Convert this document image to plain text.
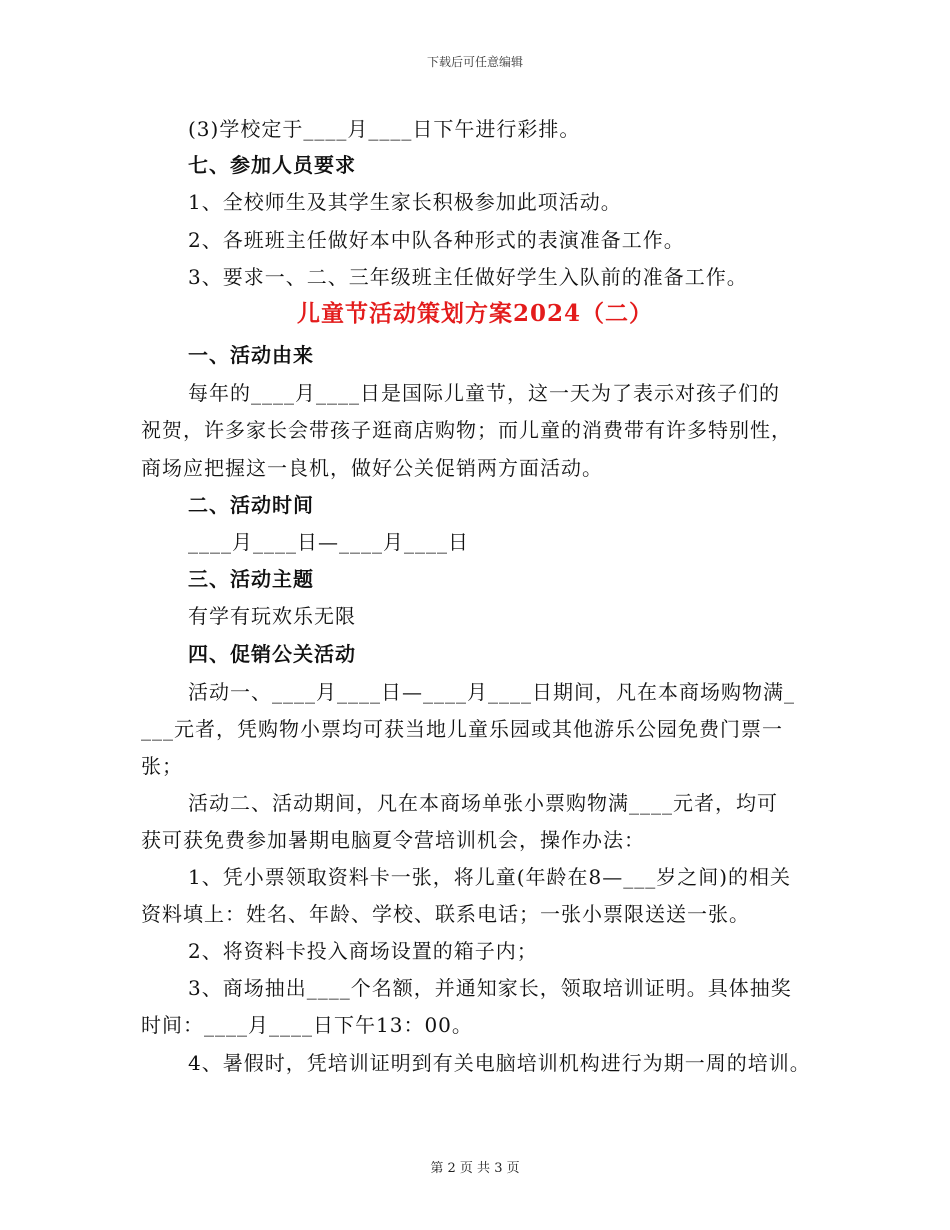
下载后可任意编辑
(3)学校定于____月____日下午进行彩排。
七、参加人员要求
1、全校师生及其学生家长积极参加此项活动。
2、各班班主任做好本中队各种形式的表演准备工作。
3、要求一、二、三年级班主任做好学生入队前的准备工作。
儿童节活动策划方案2024（二）
一、活动由来
每年的____月____日是国际儿童节，这一天为了表示对孩子们的
祝贺，许多家长会带孩子逛商店购物；而儿童的消费带有许多特别性，
商场应把握这一良机，做好公关促销两方面活动。
二、活动时间
____月____日—____月____日
三、活动主题
有学有玩欢乐无限
四、促销公关活动
活动一、____月____日—____月____日期间，凡在本商场购物满_
___元者，凭购物小票均可获当地儿童乐园或其他游乐公园免费门票一
张；
活动二、活动期间，凡在本商场单张小票购物满____元者，均可
获可获免费参加暑期电脑夏令营培训机会，操作办法：
1、凭小票领取资料卡一张，将儿童(年龄在8—___岁之间)的相关
资料填上：姓名、年龄、学校、联系电话；一张小票限送送一张。
2、将资料卡投入商场设置的箱子内；
3、商场抽出____个名额，并通知家长，领取培训证明。具体抽奖
时间：____月____日下午13：00。
4、暑假时，凭培训证明到有关电脑培训机构进行为期一周的培训。
第 2 页 共 3 页
